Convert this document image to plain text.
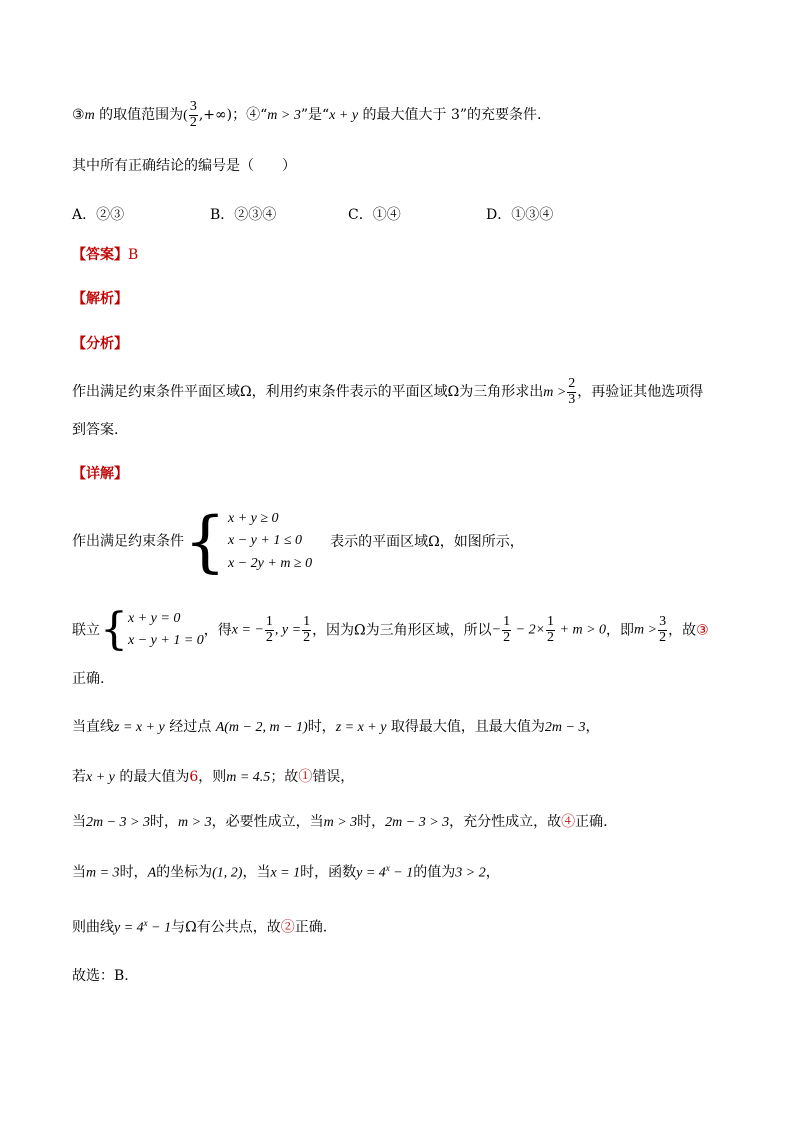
③m 的取值范围为( $\frac{3}{2}$ ,+∞)；④“m > 3”是“x + y 的最大值大于 3”的充要条件.
其中所有正确结论的编号是（　　）
A．②③	B．②③④	C．①④	D．①③④
【答案】B
【解析】
【分析】
作出满足约束条件平面区域Ω，利用约束条件表示的平面区域Ω为三角形求出$m > \frac{2}{3}$ ，再验证其他选项得
到答案.
【详解】
作出满足约束条件 { x + y ≥ 0
x − y + 1 ≤ 0
x − 2y + m ≥ 0
表示的平面区域Ω，如图所示，
联立 { x + y = 0
x − y + 1 = 0
，得x = − $\frac{1}{2}$ , $y = \frac{1}{2}$ ，因为Ω为三角形区域，所以− $\frac{1}{2} - 2\times \frac{1}{2} + m > 0$，即$m > \frac{3}{2}$ ，故③
正确.
当直线z = x + y 经过点 A(m − 2, m − 1)时，z = x + y 取得最大值，且最大值为2m − 3，
若x + y 的最大值为6，则m = 4.5；故①错误，
当2m − 3 > 3时，m > 3，必要性成立，当m > 3时，2m − 3 > 3，充分性成立，故④正确.
当m = 3时，A的坐标为(1, 2)，当x = 1时，函数$y = 4^x - 1$的值为3 > 2，
则曲线$y = 4^x - 1$与Ω有公共点，故②正确.
故选：B.
